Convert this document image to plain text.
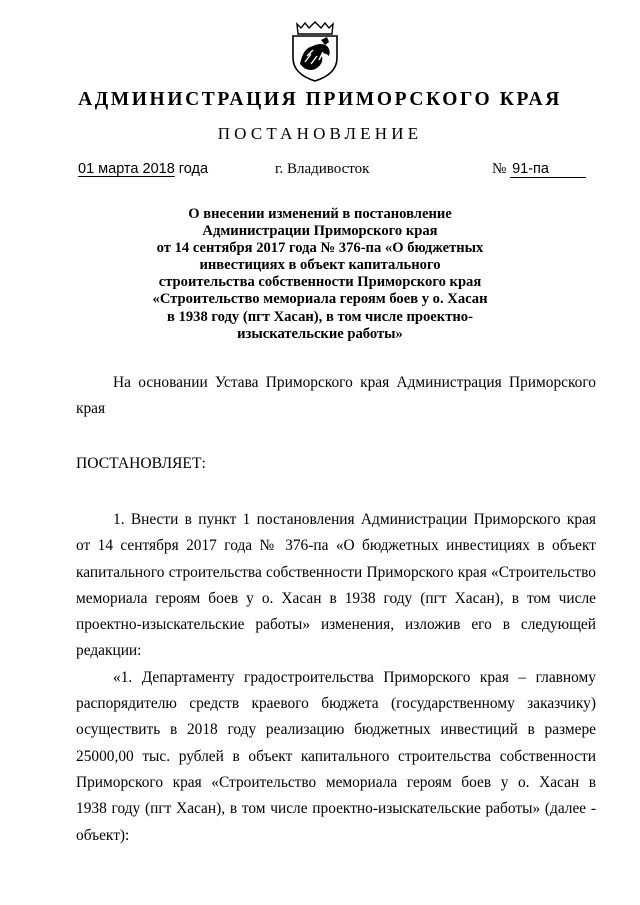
АДМИНИСТРАЦИЯ ПРИМОРСКОГО КРАЯ
ПОСТАНОВЛЕНИЕ
01 марта 2018 года	г. Владивосток	№ 91-па
О внесении изменений в постановление
Администрации Приморского края
от 14 сентября 2017 года № 376-па «О бюджетных
инвестициях в объект капитального
строительства собственности Приморского края
«Строительство мемориала героям боев у о. Хасан
в 1938 году (пгт Хасан), в том числе проектно-
изыскательские работы»
На основании Устава Приморского края Администрация Приморского
края
ПОСТАНОВЛЯЕТ:
1. Внести в пункт 1 постановления Администрации Приморского края
от 14 сентября 2017 года № 376-па «О бюджетных инвестициях в объект
капитального строительства собственности Приморского края «Строительство
мемориала героям боев у о. Хасан в 1938 году (пгт Хасан), в том числе
проектно-изыскательские работы» изменения, изложив его в следующей
редакции:
«1. Департаменту градостроительства Приморского края – главному
распорядителю средств краевого бюджета (государственному заказчику)
осуществить в 2018 году реализацию бюджетных инвестиций в размере
25000,00 тыс. рублей в объект капитального строительства собственности
Приморского края «Строительство мемориала героям боев у о. Хасан в
1938 году (пгт Хасан), в том числе проектно-изыскательские работы» (далее -
объект):
